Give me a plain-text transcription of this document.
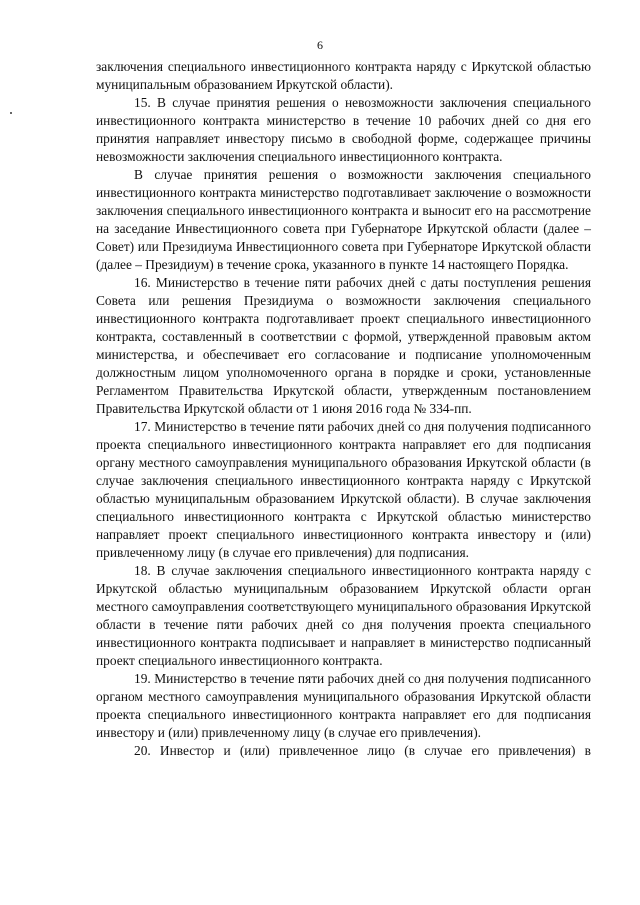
6

заключения специального инвестиционного контракта наряду с Иркутской областью муниципальным образованием Иркутской области).

15. В случае принятия решения о невозможности заключения специального инвестиционного контракта министерство в течение 10 рабочих дней со дня его принятия направляет инвестору письмо в свободной форме, содержащее причины невозможности заключения специального инвестиционного контракта.

В случае принятия решения о возможности заключения специального инвестиционного контракта министерство подготавливает заключение о возможности заключения специального инвестиционного контракта и выносит его на рассмотрение на заседание Инвестиционного совета при Губернаторе Иркутской области (далее – Совет) или Президиума Инвестиционного совета при Губернаторе Иркутской области (далее – Президиум) в течение срока, указанного в пункте 14 настоящего Порядка.

16. Министерство в течение пяти рабочих дней с даты поступления решения Совета или решения Президиума о возможности заключения специального инвестиционного контракта подготавливает проект специального инвестиционного контракта, составленный в соответствии с формой, утвержденной правовым актом министерства, и обеспечивает его согласование и подписание уполномоченным должностным лицом уполномоченного органа в порядке и сроки, установленные Регламентом Правительства Иркутской области, утвержденным постановлением Правительства Иркутской области от 1 июня 2016 года № 334-пп.

17. Министерство в течение пяти рабочих дней со дня получения подписанного проекта специального инвестиционного контракта направляет его для подписания органу местного самоуправления муниципального образования Иркутской области (в случае заключения специального инвестиционного контракта наряду с Иркутской областью муниципальным образованием Иркутской области). В случае заключения специального инвестиционного контракта с Иркутской областью министерство направляет проект специального инвестиционного контракта инвестору и (или) привлеченному лицу (в случае его привлечения) для подписания.

18. В случае заключения специального инвестиционного контракта наряду с Иркутской областью муниципальным образованием Иркутской области орган местного самоуправления соответствующего муниципального образования Иркутской области в течение пяти рабочих дней со дня получения проекта специального инвестиционного контракта подписывает и направляет в министерство подписанный проект специального инвестиционного контракта.

19. Министерство в течение пяти рабочих дней со дня получения подписанного органом местного самоуправления муниципального образования Иркутской области проекта специального инвестиционного контракта направляет его для подписания инвестору и (или) привлеченному лицу (в случае его привлечения).

20. Инвестор и (или) привлеченное лицо (в случае его привлечения) в
